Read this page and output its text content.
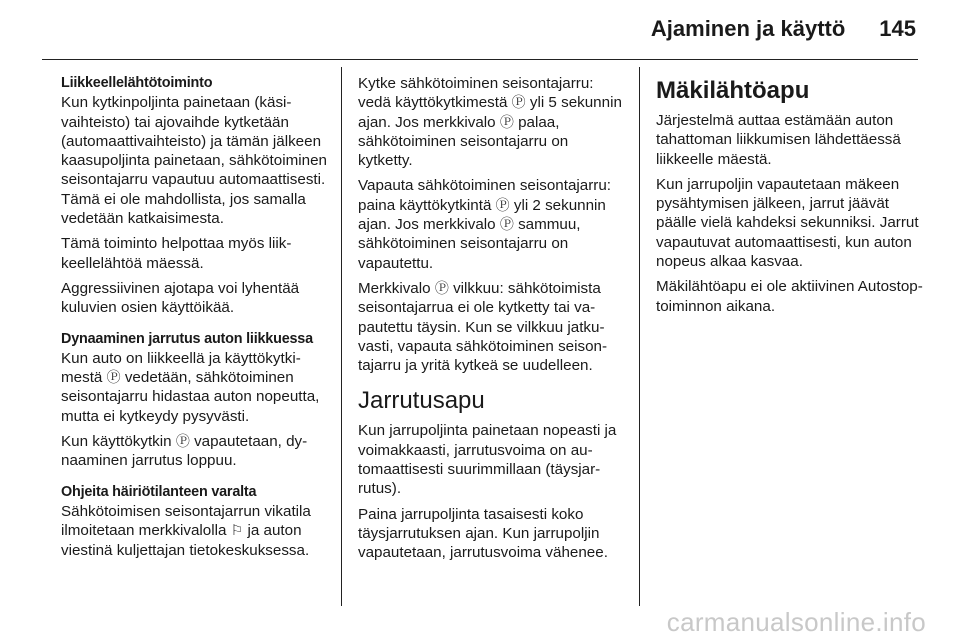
Ajaminen ja käyttö 145

Liikkeellelähtötoiminto
Kun kytkinpoljinta painetaan (käsivaihteisto) tai ajovaihde kytketään (automaattivaihteisto) ja tämän jälkeen kaasupoljinta painetaan, sähkötoiminen seisontajarru vapautuu automaattisesti. Tämä ei ole mahdollista, jos samalla vedetään katkaisimesta.

Tämä toiminto helpottaa myös liikkeellelähtöä mäessä.

Aggressiivinen ajotapa voi lyhentää kuluvien osien käyttöikää.

Dynaaminen jarrutus auton liikkuessa
Kun auto on liikkeellä ja käyttökytkimestä Ⓟ vedetään, sähkötoiminen seisontajarru hidastaa auton nopeutta, mutta ei kytkeydy pysyvästi.

Kun käyttökytkin Ⓟ vapautetaan, dynaaminen jarrutus loppuu.

Ohjeita häiriötilanteen varalta
Sähkötoimisen seisontajarrun vikatila ilmoitetaan merkkivalolla ⚐ ja auton viestinä kuljettajan tietokeskuksessa.

Kytke sähkötoiminen seisontajarru: vedä käyttökytkimestä Ⓟ yli 5 sekunnin ajan. Jos merkkivalo Ⓟ palaa, sähkötoiminen seisontajarru on kytketty.

Vapauta sähkötoiminen seisontajarru: paina käyttökytkintä Ⓟ yli 2 sekunnin ajan. Jos merkkivalo Ⓟ sammuu, sähkötoiminen seisontajarru on vapautettu.

Merkkivalo Ⓟ vilkkuu: sähkötoimista seisontajarrua ei ole kytketty tai vapautettu täysin. Kun se vilkkuu jatkuvasti, vapauta sähkötoiminen seisontajarru ja yritä kytkeä se uudelleen.

Jarrutusapu

Kun jarrupoljinta painetaan nopeasti ja voimakkaasti, jarrutusvoima on automaattisesti suurimmillaan (täysjarrutus).

Paina jarrupoljinta tasaisesti koko täysjarrutuksen ajan. Kun jarrupoljin vapautetaan, jarrutusvoima vähenee.

Mäkilähtöapu

Järjestelmä auttaa estämään auton tahattoman liikkumisen lähdettäessä liikkeelle mäestä.

Kun jarrupoljin vapautetaan mäkeen pysähtymisen jälkeen, jarrut jäävät päälle vielä kahdeksi sekunniksi. Jarrut vapautuvat automaattisesti, kun auton nopeus alkaa kasvaa.

Mäkilähtöapu ei ole aktiivinen Autostop-toiminnon aikana.

carmanualsonline.info
